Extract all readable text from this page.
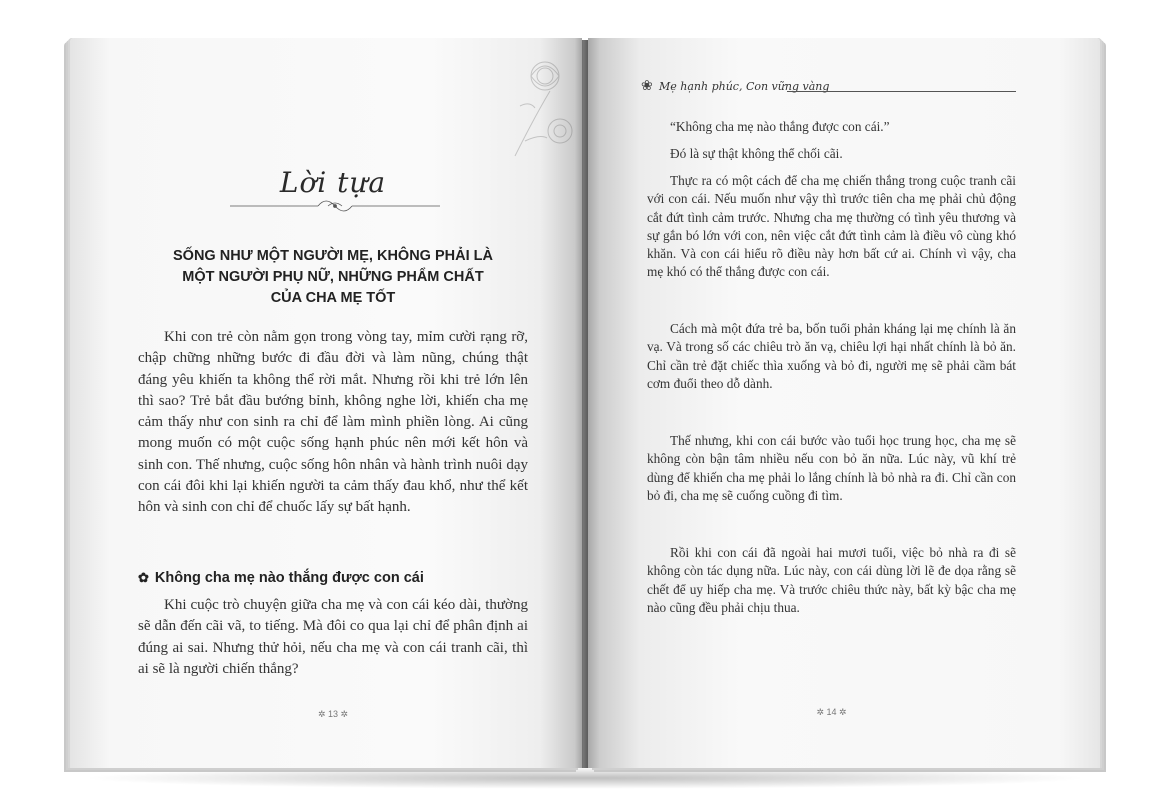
Lời tựa
SỐNG NHƯ MỘT NGƯỜI MẸ, KHÔNG PHẢI LÀ
MỘT NGƯỜI PHỤ NỮ, NHỮNG PHẨM CHẤT
CỦA CHA MẸ TỐT

Khi con trẻ còn nằm gọn trong vòng tay, mỉm cười rạng rỡ, chập chững những bước đi đầu đời và làm nũng, chúng thật đáng yêu khiến ta không thể rời mắt. Nhưng rồi khi trẻ lớn lên thì sao? Trẻ bắt đầu bướng bỉnh, không nghe lời, khiến cha mẹ cảm thấy như con sinh ra chỉ để làm mình phiền lòng. Ai cũng mong muốn có một cuộc sống hạnh phúc nên mới kết hôn và sinh con. Thế nhưng, cuộc sống hôn nhân và hành trình nuôi dạy con cái đôi khi lại khiến người ta cảm thấy đau khổ, như thể kết hôn và sinh con chỉ để chuốc lấy sự bất hạnh.

✿ Không cha mẹ nào thắng được con cái

Khi cuộc trò chuyện giữa cha mẹ và con cái kéo dài, thường sẽ dẫn đến cãi vã, to tiếng. Mà đôi co qua lại chỉ để phân định ai đúng ai sai. Nhưng thử hỏi, nếu cha mẹ và con cái tranh cãi, thì ai sẽ là người chiến thắng?

✲ 13 ✲
❀ Mẹ hạnh phúc, Con vững vàng

“Không cha mẹ nào thắng được con cái.”

Đó là sự thật không thể chối cãi.

Thực ra có một cách để cha mẹ chiến thắng trong cuộc tranh cãi với con cái. Nếu muốn như vậy thì trước tiên cha mẹ phải chủ động cắt đứt tình cảm trước. Nhưng cha mẹ thường có tình yêu thương và sự gắn bó lớn với con, nên việc cắt đứt tình cảm là điều vô cùng khó khăn. Và con cái hiểu rõ điều này hơn bất cứ ai. Chính vì vậy, cha mẹ khó có thể thắng được con cái.

Cách mà một đứa trẻ ba, bốn tuổi phản kháng lại mẹ chính là ăn vạ. Và trong số các chiêu trò ăn vạ, chiêu lợi hại nhất chính là bỏ ăn. Chỉ cần trẻ đặt chiếc thìa xuống và bỏ đi, người mẹ sẽ phải cầm bát cơm đuổi theo dỗ dành.

Thế nhưng, khi con cái bước vào tuổi học trung học, cha mẹ sẽ không còn bận tâm nhiều nếu con bỏ ăn nữa. Lúc này, vũ khí trẻ dùng để khiến cha mẹ phải lo lắng chính là bỏ nhà ra đi. Chỉ cần con bỏ đi, cha mẹ sẽ cuống cuồng đi tìm.

Rồi khi con cái đã ngoài hai mươi tuổi, việc bỏ nhà ra đi sẽ không còn tác dụng nữa. Lúc này, con cái dùng lời lẽ đe dọa rằng sẽ chết để uy hiếp cha mẹ. Và trước chiêu thức này, bất kỳ bậc cha mẹ nào cũng đều phải chịu thua.

✲ 14 ✲
